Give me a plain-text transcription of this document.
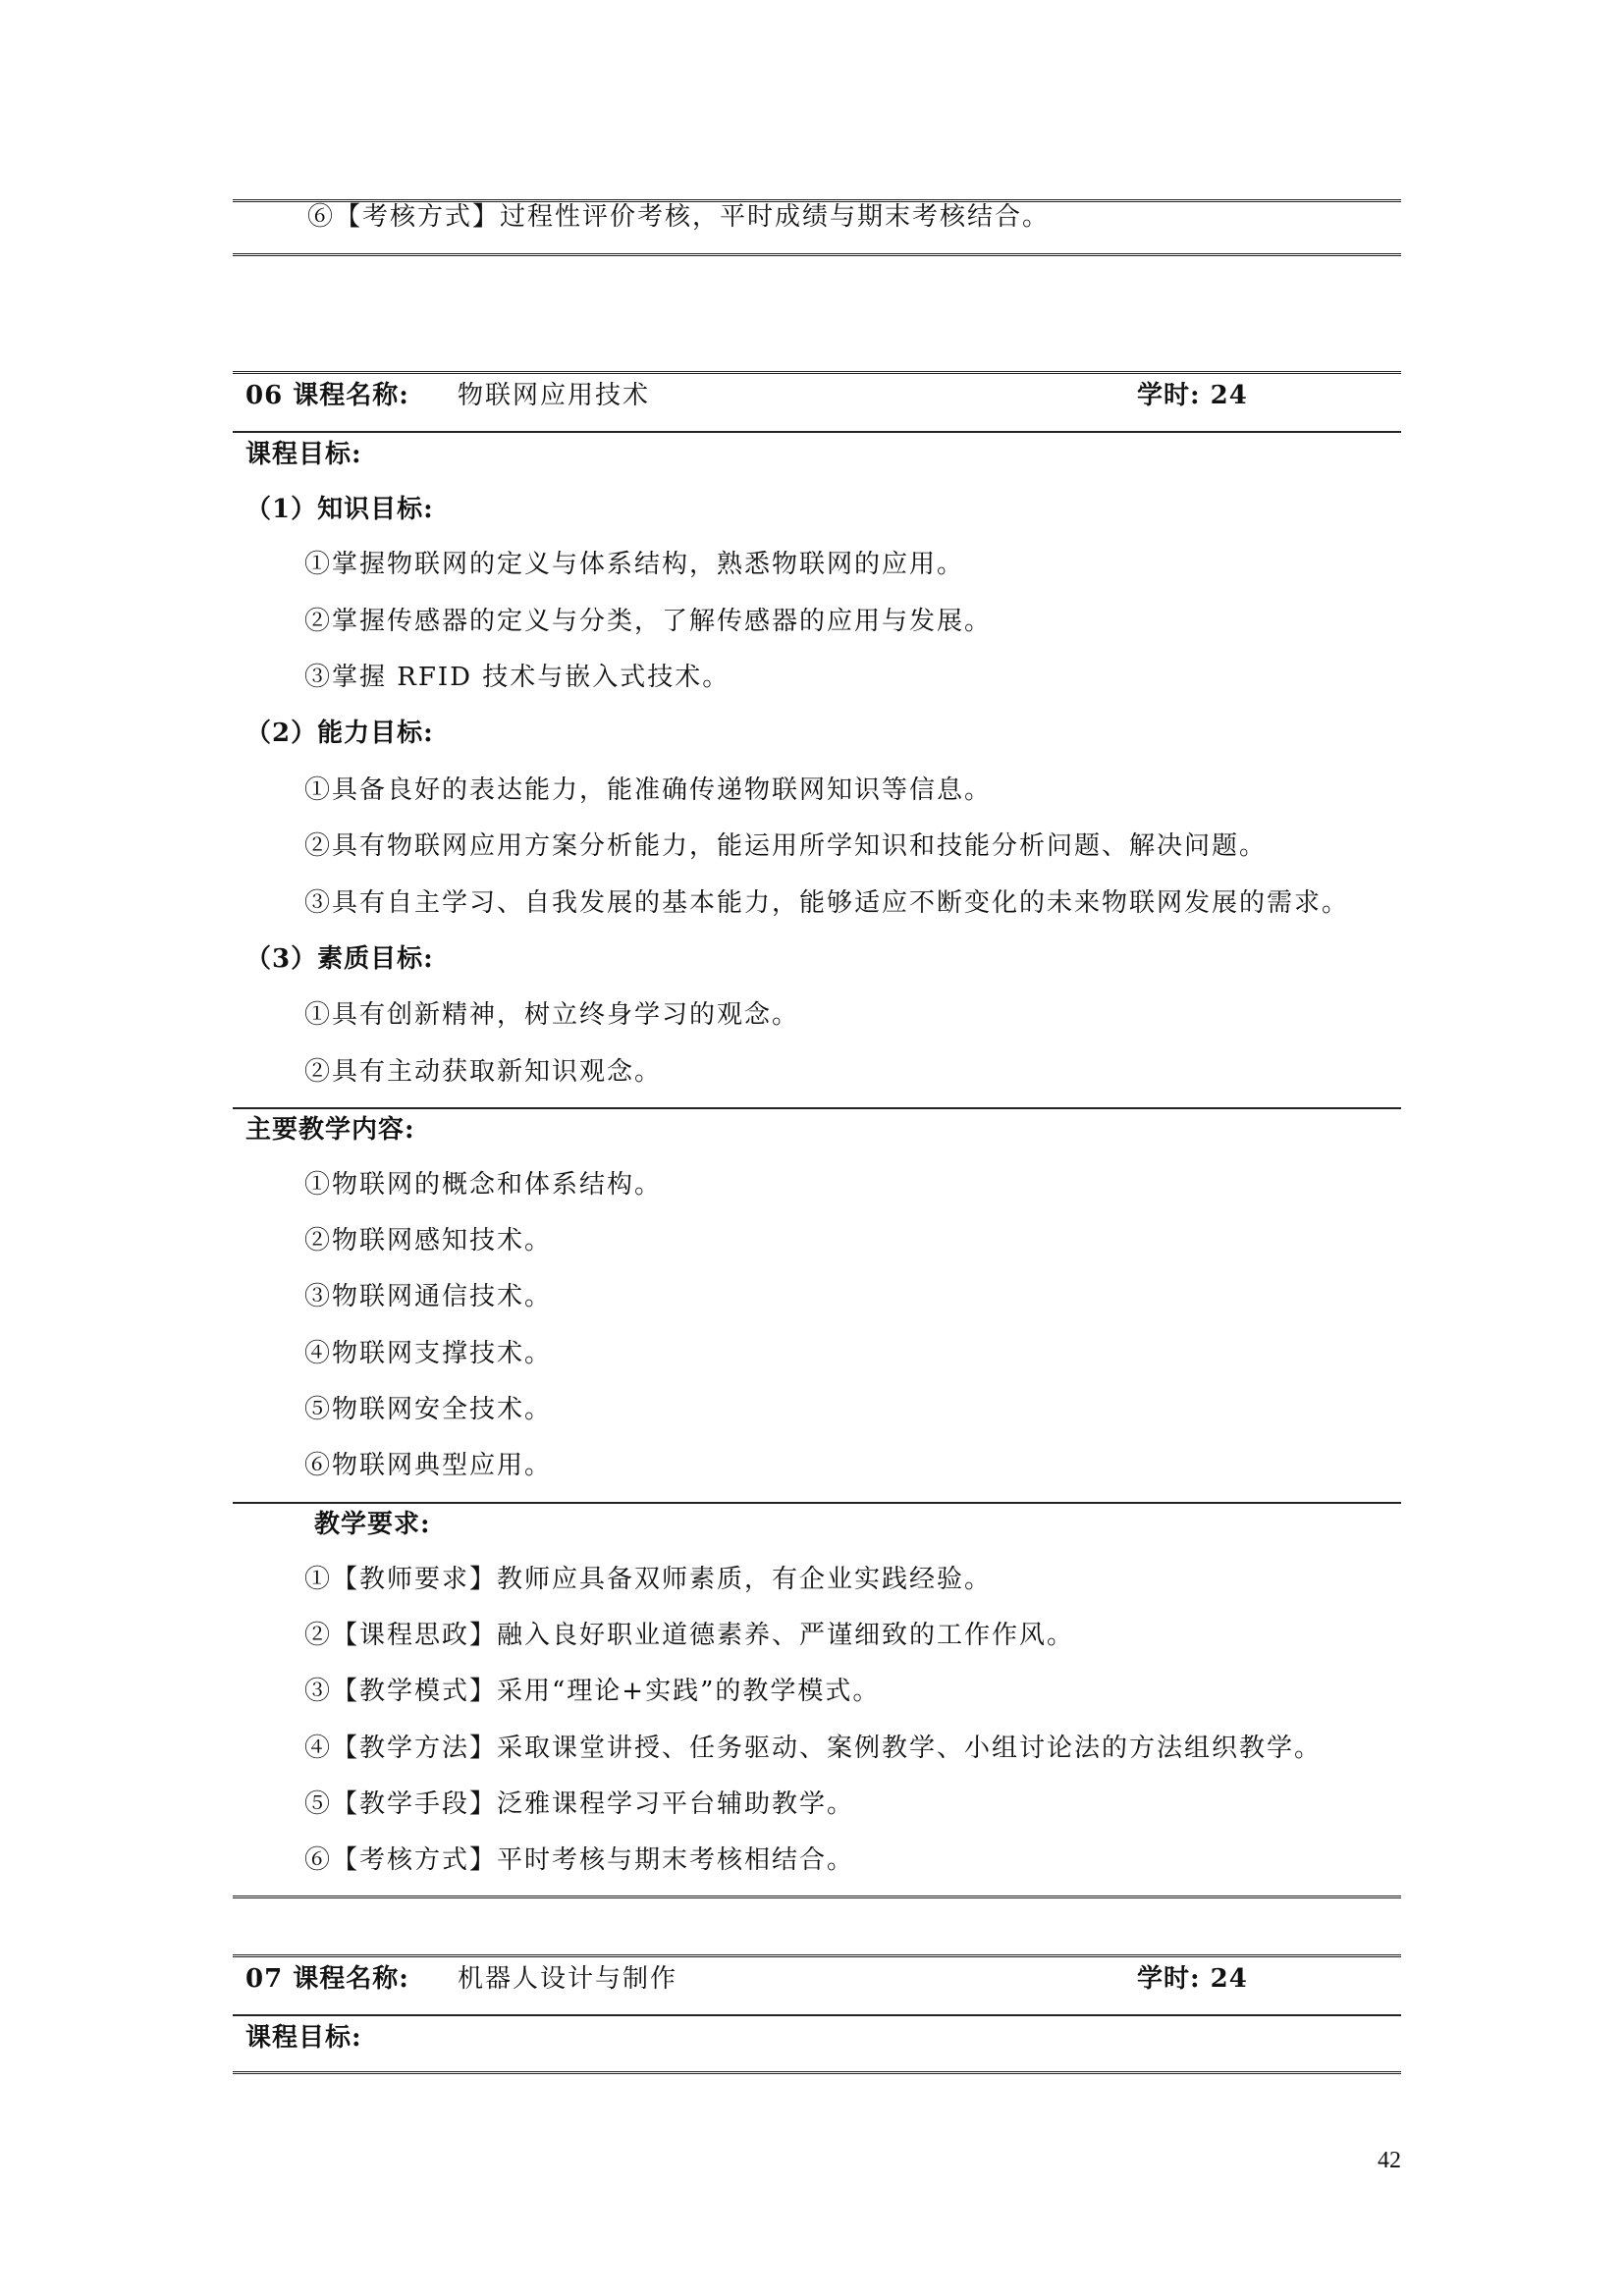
⑥【考核方式】过程性评价考核，平时成绩与期末考核结合。
06 课程名称: 物联网应用技术	学时: 24
课程目标:
（1）知识目标:
①掌握物联网的定义与体系结构，熟悉物联网的应用。
②掌握传感器的定义与分类，了解传感器的应用与发展。
③掌握 RFID 技术与嵌入式技术。
（2）能力目标:
①具备良好的表达能力，能准确传递物联网知识等信息。
②具有物联网应用方案分析能力，能运用所学知识和技能分析问题、解决问题。
③具有自主学习、自我发展的基本能力，能够适应不断变化的未来物联网发展的需求。
（3）素质目标:
①具有创新精神，树立终身学习的观念。
②具有主动获取新知识观念。
主要教学内容:
①物联网的概念和体系结构。
②物联网感知技术。
③物联网通信技术。
④物联网支撑技术。
⑤物联网安全技术。
⑥物联网典型应用。
教学要求:
①【教师要求】教师应具备双师素质，有企业实践经验。
②【课程思政】融入良好职业道德素养、严谨细致的工作作风。
③【教学模式】采用“理论+实践”的教学模式。
④【教学方法】采取课堂讲授、任务驱动、案例教学、小组讨论法的方法组织教学。
⑤【教学手段】泛雅课程学习平台辅助教学。
⑥【考核方式】平时考核与期末考核相结合。
07 课程名称: 机器人设计与制作	学时: 24
课程目标:
42
